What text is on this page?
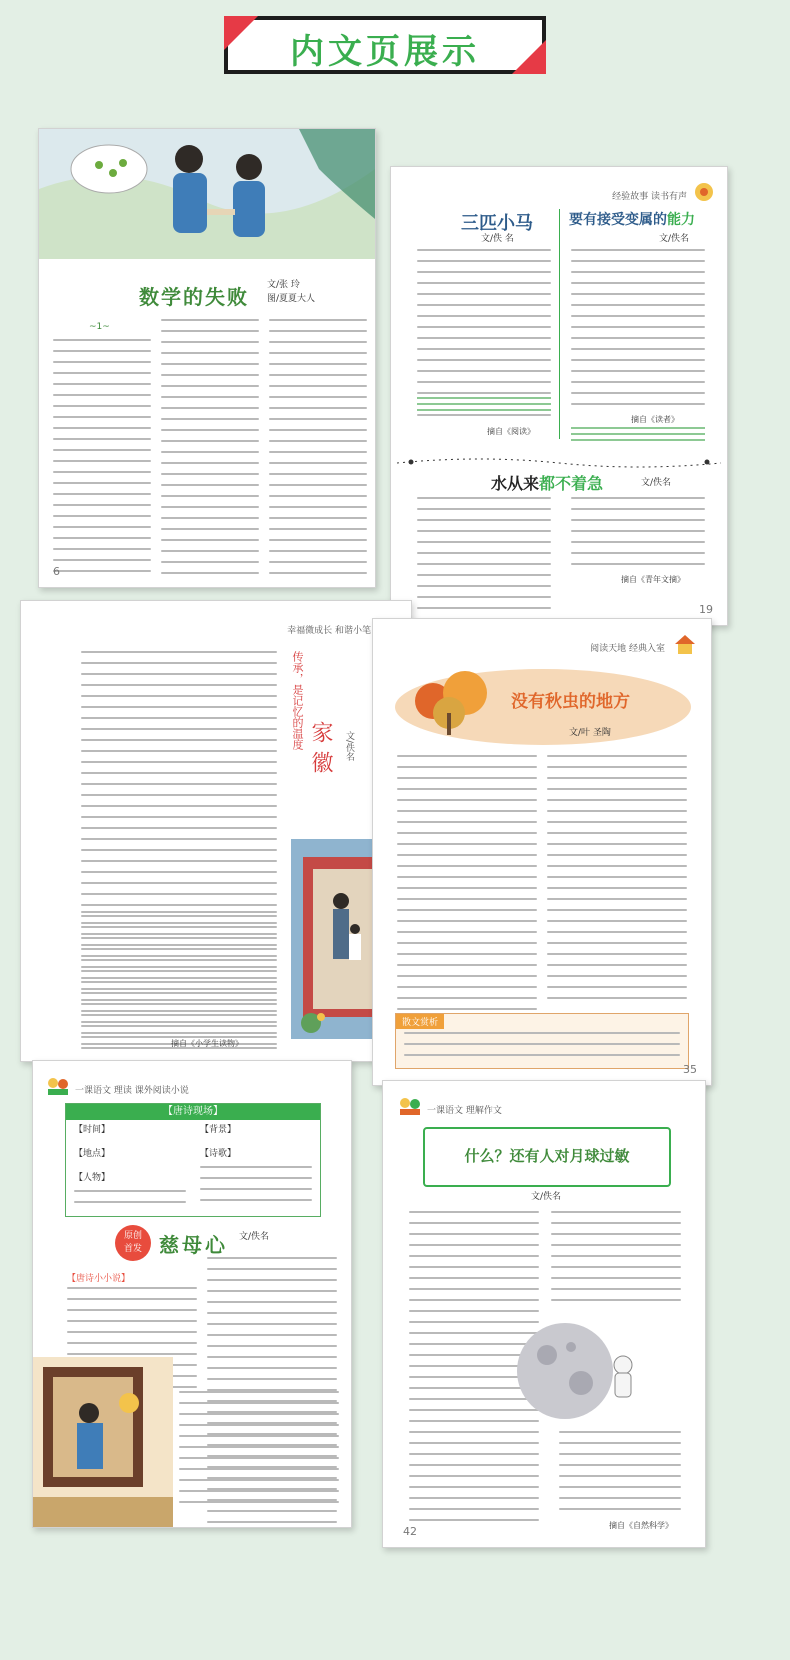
内文页展示
数学的失败 文/张 玲
图/夏夏大人
~1~
6
经验故事 读书有声
三匹小马
文/佚 名
要有接受变属的能力
文/佚名
摘自《阅读》
摘自《读者》
水从来都不着急	文/佚名
摘自《青年文摘》
19
幸福微成长 和谐小笔
传承，是记忆的温度
家徽	文/佚名
摘自《小学生读物》
阅读天地 经典入室
没有秋虫的地方
文/叶 圣陶
散文赏析
35
一课语文 理读 课外阅读小说
【唐诗现场】
【时间】
【地点】
【人物】
【背景】
【诗歌】
原创
首发 慈母心 文/佚名
【唐诗小小说】
一课语文 理解作文
什么？还有人对月球过敏
文/佚名
摘自《自然科学》
42
